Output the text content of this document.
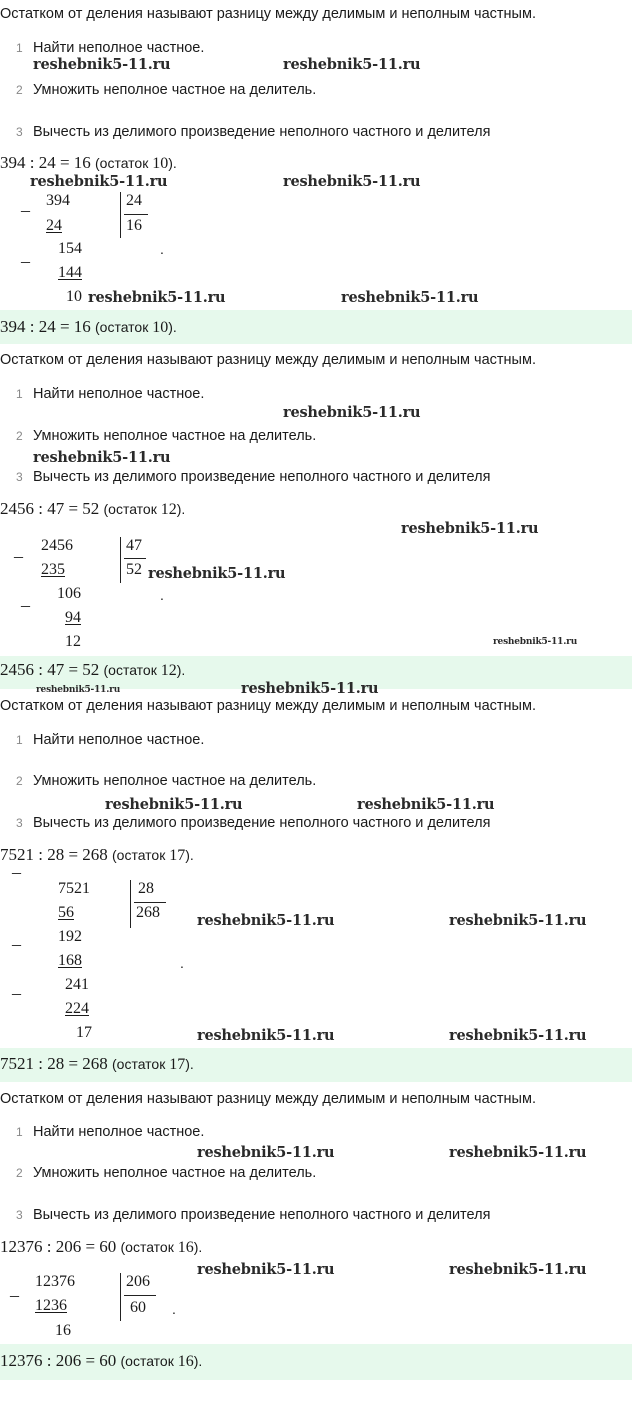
Остатком от деления называют разницу между делимым и неполным частным.
1 Найти неполное частное.
reshebnik5-11.ru	reshebnik5-11.ru
2 Умножить неполное частное на делитель.
3 Вычесть из делимого произведение неполного частного и делителя
394 : 24 = 16 (остаток 10).
reshebnik5-11.ru	reshebnik5-11.ru
– 394
24
24
16
–
154
144
.
10 reshebnik5-11.ru	reshebnik5-11.ru
394 : 24 = 16 (остаток 10).
Остатком от деления называют разницу между делимым и неполным частным.
1 Найти неполное частное.
reshebnik5-11.ru
2 Умножить неполное частное на делитель.
reshebnik5-11.ru
3 Вычесть из делимого произведение неполного частного и делителя
2456 : 47 = 52 (остаток 12).
reshebnik5-11.ru
–
2456
235
47
52
–
106
94
.
12
reshebnik5-11.ru
reshebnik5-11.ru
2456 : 47 = 52 (остаток 12).
reshebnik5-11.ru	reshebnik5-11.ru
Остатком от деления называют разницу между делимым и неполным частным.
1 Найти неполное частное.
2 Умножить неполное частное на делитель.
reshebnik5-11.ru	reshebnik5-11.ru
3 Вычесть из делимого произведение неполного частного и делителя
7521 : 28 = 268 (остаток 17).
–
7521
56
28
268
192
–
168	.
241
–
224
17
reshebnik5-11.ru	reshebnik5-11.ru
reshebnik5-11.ru	reshebnik5-11.ru
7521 : 28 = 268 (остаток 17).
Остатком от деления называют разницу между делимым и неполным частным.
1 Найти неполное частное.
reshebnik5-11.ru	reshebnik5-11.ru
2 Умножить неполное частное на делитель.
3 Вычесть из делимого произведение неполного частного и делителя
12376 : 206 = 60 (остаток 16).
reshebnik5-11.ru	reshebnik5-11.ru
–
12376
1236
206
60 .
16
12376 : 206 = 60 (остаток 16).
